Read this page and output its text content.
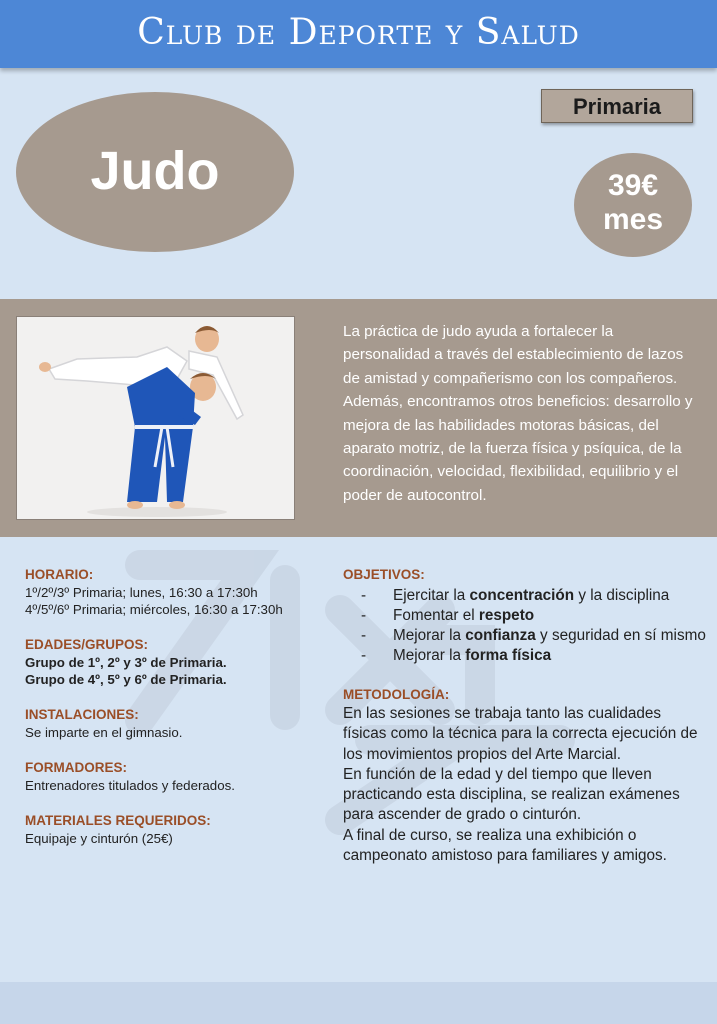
Club de Deporte y Salud
Primaria
Judo	39€
mes
La práctica de judo ayuda a fortalecer la personalidad a través del establecimiento de lazos de amistad y compañerismo con los compañeros. Además, encontramos otros beneficios: desarrollo y mejora de las habilidades motoras básicas, del aparato motriz, de la fuerza física y psíquica, de la coordinación, velocidad, flexibilidad, equilibrio y el poder de autocontrol.
HORARIO:
1º/2º/3º Primaria; lunes, 16:30 a 17:30h
4º/5º/6º Primaria; miércoles, 16:30 a 17:30h
EDADES/GRUPOS:
Grupo de 1º, 2º y 3º de Primaria.
Grupo de 4º, 5º y 6º de Primaria.
INSTALACIONES:
Se imparte en el gimnasio.
FORMADORES:
Entrenadores titulados y federados.
MATERIALES REQUERIDOS:
Equipaje y cinturón (25€)
OBJETIVOS:
- Ejercitar la concentración y la disciplina
- Fomentar el respeto
- Mejorar la confianza y seguridad en sí mismo
- Mejorar la forma física
METODOLOGÍA:
En las sesiones se trabaja tanto las cualidades físicas como la técnica para la correcta ejecución de los movimientos propios del Arte Marcial.
En función de la edad y del tiempo que lleven practicando esta disciplina, se realizan exámenes para ascender de grado o cinturón.
A final de curso, se realiza una exhibición o campeonato amistoso para familiares y amigos.
